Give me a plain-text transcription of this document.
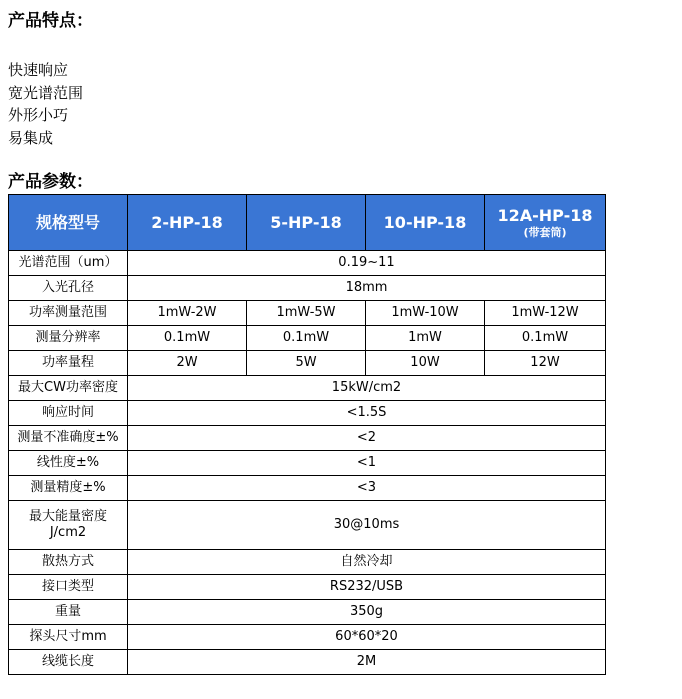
产品特点：
快速响应
宽光谱范围
外形小巧
易集成
产品参数：
规格型号	2-HP-18	5-HP-18	10-HP-18	12A-HP-18
(带套筒)

光谱范围（um）	0.19~11			
入光孔径	18mm			
功率测量范围	1mW-2W	1mW-5W	1mW-10W	1mW-12W
测量分辨率	0.1mW	0.1mW	1mW	0.1mW
功率量程	2W	5W	10W	12W
最大CW功率密度	15kW/cm2			
响应时间	<1.5S			
测量不准确度±%	<2			
线性度±%	<1			
测量精度±%	<3			
最大能量密度 J/cm2	30@10ms			
散热方式	自然冷却			
接口类型	RS232/USB			
重量	350g			
探头尺寸mm	60*60*20			
线缆长度	2M			
